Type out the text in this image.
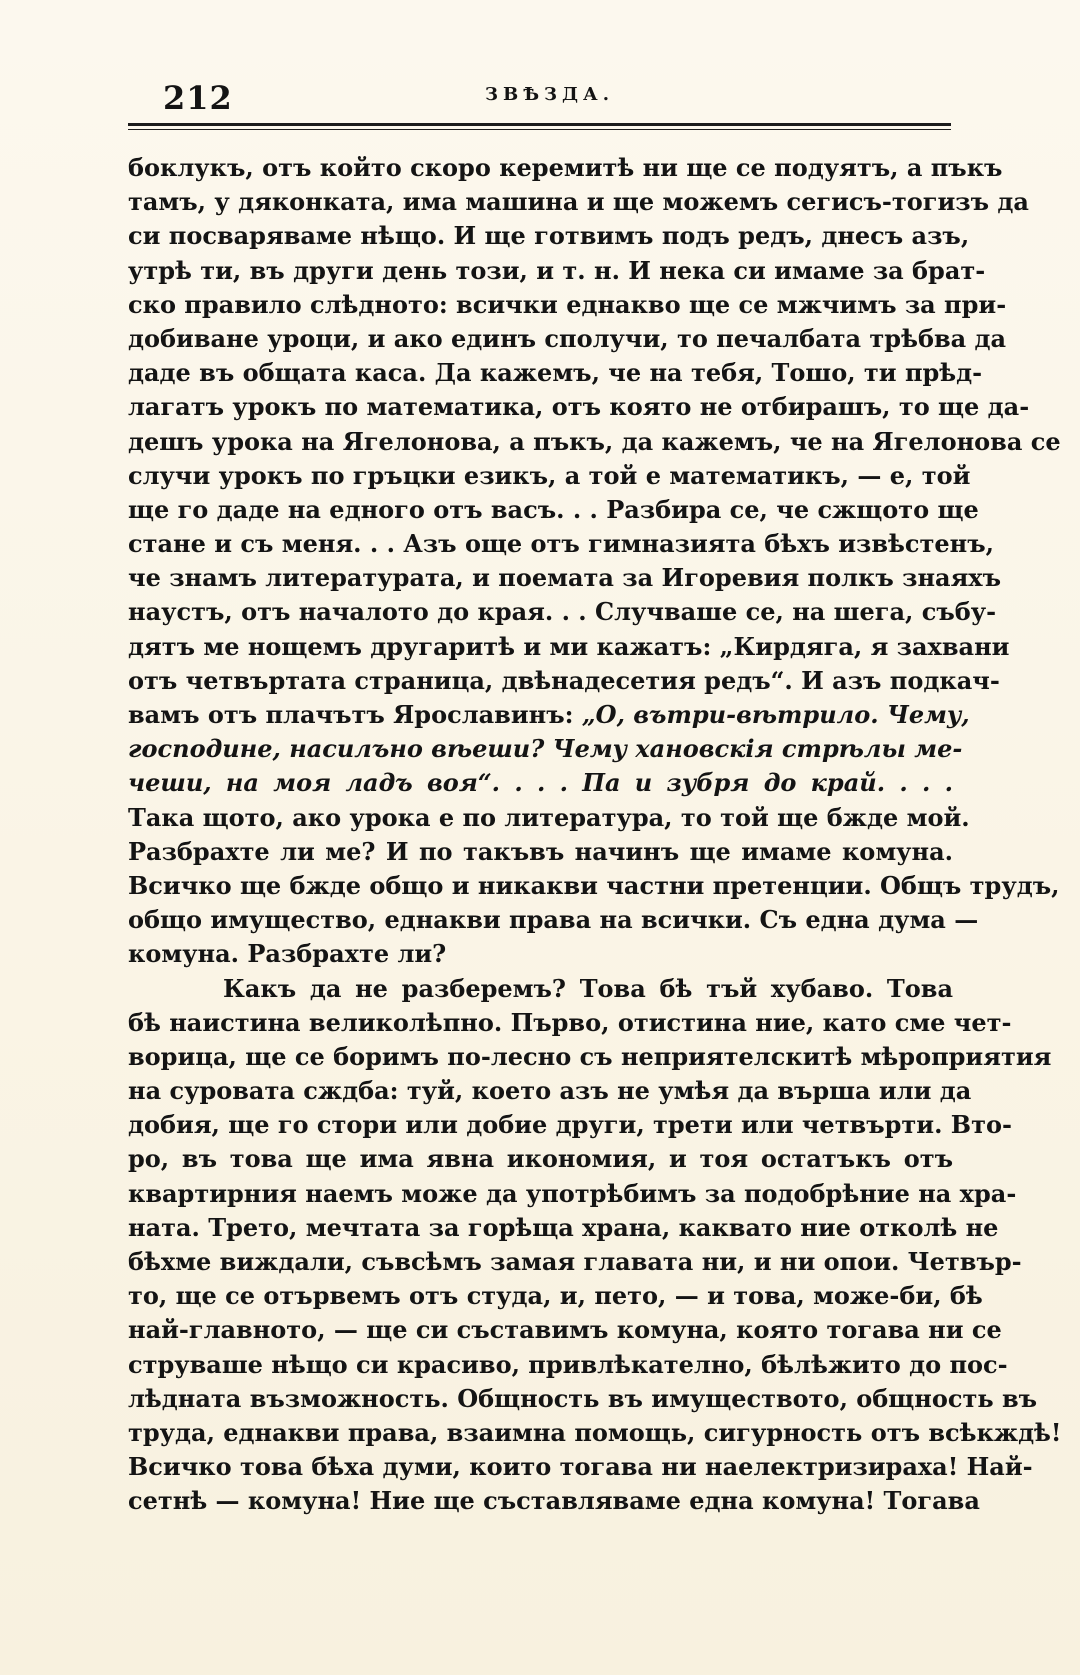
212	ЗВѢЗДА.
боклукъ, отъ който скоро керемитѣ ни ще се подуятъ, а пъкъ
тамъ, у дяконката, има машина и ще можемъ сегисъ-тогизъ да
си посваряваме нѣщо. И ще готвимъ подъ редъ, днесъ азъ,
утрѣ ти, въ други день този, и т. н. И нека си имаме за брат-
ско правило слѣдното: всички еднакво ще се мжчимъ за при-
добиване уроци, и ако единъ сполучи, то печалбата трѣбва да
даде въ общата каса. Да кажемъ, че на тебя, Тошо, ти прѣд-
лагатъ урокъ по математика, отъ която не отбирашъ, то ще да-
дешъ урока на Ягелонова, а пъкъ, да кажемъ, че на Ягелонова се
случи урокъ по гръцки езикъ, а той е математикъ, — е, той
ще го даде на едного отъ васъ. . . Разбира се, че сжщото ще
стане и съ меня. . . Азъ още отъ гимназията бѣхъ извѣстенъ,
че знамъ литературата, и поемата за Игоревия полкъ знаяхъ
наустъ, отъ началото до края. . . Случваше се, на шега, събу-
дятъ ме нощемъ другаритѣ и ми кажатъ: „Кирдяга, я захвани
отъ четвъртата страница, двѣнадесетия редъ“. И азъ подкач-
вамъ отъ плачътъ Ярославинъ: „О, вътри-вѣтрило. Чему,
господине, насилъно вѣеши? Чему хановскія стрѣлы ме-
чеши, на моя ладъ воя“. . . . Па и зубря до край. . . .
Така щото, ако урока е по литература, то той ще бжде мой.
Разбрахте ли ме? И по такъвъ начинъ ще имаме комуна.
Всичко ще бжде общо и никакви частни претенции. Общъ трудъ,
общо имущество, еднакви права на всички. Съ една дума —
комуна. Разбрахте ли?
Какъ да не разберемъ? Това бѣ тъй хубаво. Това
бѣ наистина великолѣпно. Първо, отистина ние, като сме чет-
ворица, ще се боримъ по-лесно съ неприятелскитѣ мѣроприятия
на суровата сждба: туй, което азъ не умѣя да върша или да
добия, ще го стори или добие други, трети или четвърти. Вто-
ро, въ това ще има явна икономия, и тоя остатъкъ отъ
квартирния наемъ може да употрѣбимъ за подобрѣние на хра-
ната. Трето, мечтата за горѣща храна, каквато ние отколѣ не
бѣхме виждали, съвсѣмъ замая главата ни, и ни опои. Четвър-
то, ще се отървемъ отъ студа, и, пето, — и това, може-би, бѣ
най-главното, — ще си съставимъ комуна, която тогава ни се
струваше нѣщо си красиво, привлѣкателно, бѣлѣжито до пос-
лѣдната възможность. Общность въ имуществото, общность въ
труда, еднакви права, взаимна помощь, сигурность отъ всѣкждѣ!
Всичко това бѣха думи, които тогава ни наелектризираха! Най-
сетнѣ — комуна! Ние ще съставляваме една комуна! Тогава
